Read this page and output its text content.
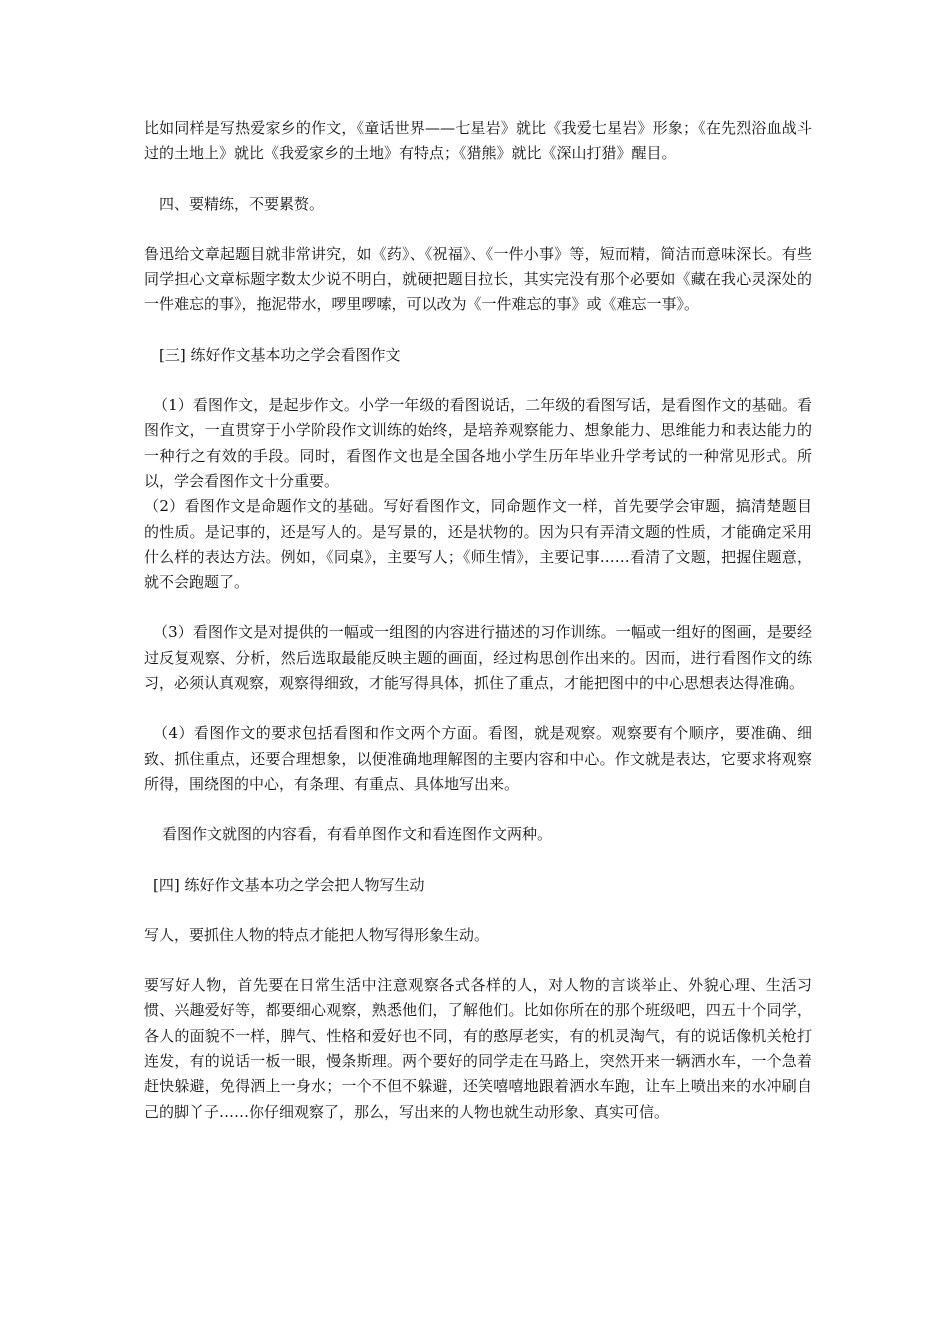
比如同样是写热爱家乡的作文，《童话世界——七星岩》就比《我爱七星岩》形象；《在先烈浴血战斗过的土地上》就比《我爱家乡的土地》有特点；《猎熊》就比《深山打猎》醒目。

四、要精练，不要累赘。

鲁迅给文章起题目就非常讲究，如《药》、《祝福》、《一件小事》等，短而精，简洁而意味深长。有些同学担心文章标题字数太少说不明白，就硬把题目拉长，其实完没有那个必要如《藏在我心灵深处的一件难忘的事》，拖泥带水，啰里啰嗦，可以改为《一件难忘的事》或《难忘一事》。

[三] 练好作文基本功之学会看图作文

（1）看图作文，是起步作文。小学一年级的看图说话，二年级的看图写话，是看图作文的基础。看图作文，一直贯穿于小学阶段作文训练的始终，是培养观察能力、想象能力、思维能力和表达能力的一种行之有效的手段。同时，看图作文也是全国各地小学生历年毕业升学考试的一种常见形式。所以，学会看图作文十分重要。

（2）看图作文是命题作文的基础。写好看图作文，同命题作文一样，首先要学会审题，搞清楚题目的性质。是记事的，还是写人的。是写景的，还是状物的。因为只有弄清文题的性质，才能确定采用什么样的表达方法。例如，《同桌》，主要写人；《师生情》，主要记事……看清了文题，把握住题意，就不会跑题了。

（3）看图作文是对提供的一幅或一组图的内容进行描述的习作训练。一幅或一组好的图画，是要经过反复观察、分析，然后选取最能反映主题的画面，经过构思创作出来的。因而，进行看图作文的练习，必须认真观察，观察得细致，才能写得具体，抓住了重点，才能把图中的中心思想表达得准确。

（4）看图作文的要求包括看图和作文两个方面。看图，就是观察。观察要有个顺序，要准确、细致、抓住重点，还要合理想象，以便准确地理解图的主要内容和中心。作文就是表达，它要求将观察所得，围绕图的中心，有条理、有重点、具体地写出来。

看图作文就图的内容看，有看单图作文和看连图作文两种。

[四] 练好作文基本功之学会把人物写生动

写人，要抓住人物的特点才能把人物写得形象生动。

要写好人物，首先要在日常生活中注意观察各式各样的人，对人物的言谈举止、外貌心理、生活习惯、兴趣爱好等，都要细心观察，熟悉他们，了解他们。比如你所在的那个班级吧，四五十个同学，各人的面貌不一样，脾气、性格和爱好也不同，有的憨厚老实，有的机灵淘气，有的说话像机关枪打连发，有的说话一板一眼，慢条斯理。两个要好的同学走在马路上，突然开来一辆洒水车，一个急着赶快躲避，免得洒上一身水；一个不但不躲避，还笑嘻嘻地跟着洒水车跑，让车上喷出来的水冲刷自己的脚丫子……你仔细观察了，那么，写出来的人物也就生动形象、真实可信。
